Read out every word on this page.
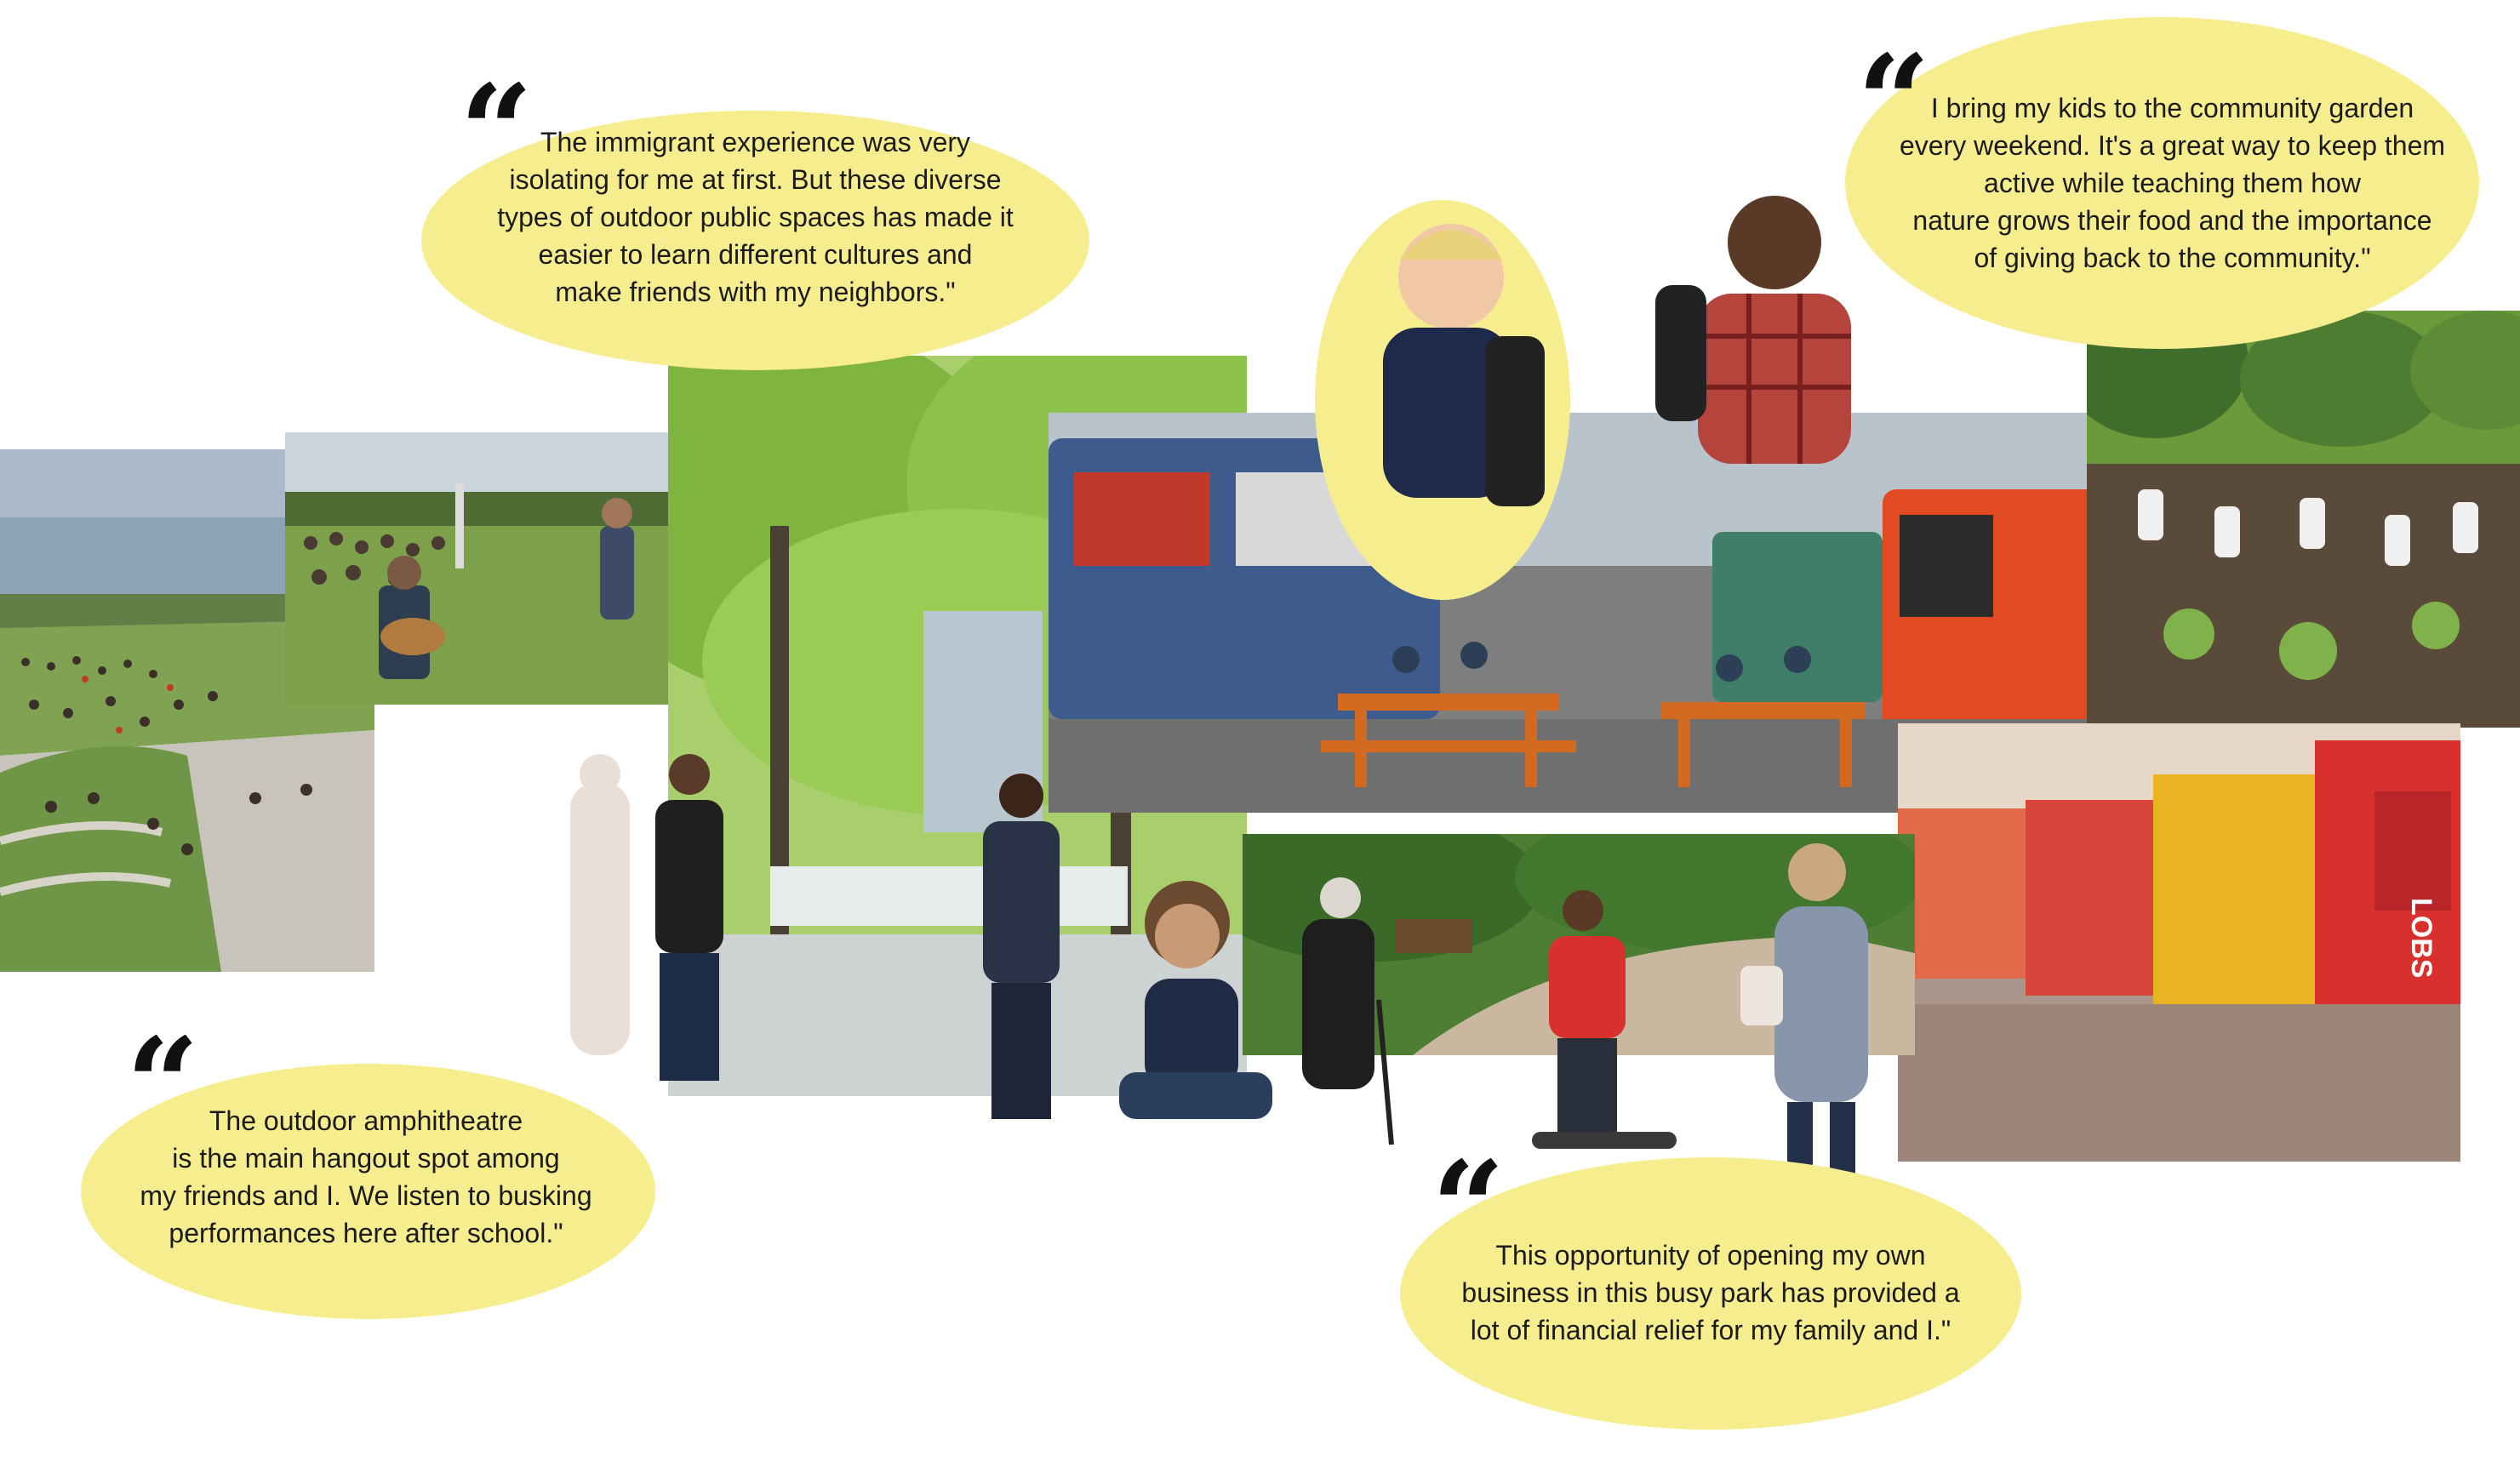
LOBS
“ The immigrant experience was very
isolating for me at first. But these diverse
types of outdoor public spaces has made it
easier to learn different cultures and
make friends with my neighbors."
“ I bring my kids to the community garden
every weekend. It's a great way to keep them
active while teaching them how
nature grows their food and the importance
of giving back to the community."
“ The outdoor amphitheatre
is the main hangout spot among
my friends and I. We listen to busking
performances here after school."	“
This opportunity of opening my own
business in this busy park has provided a
lot of financial relief for my family and I."
